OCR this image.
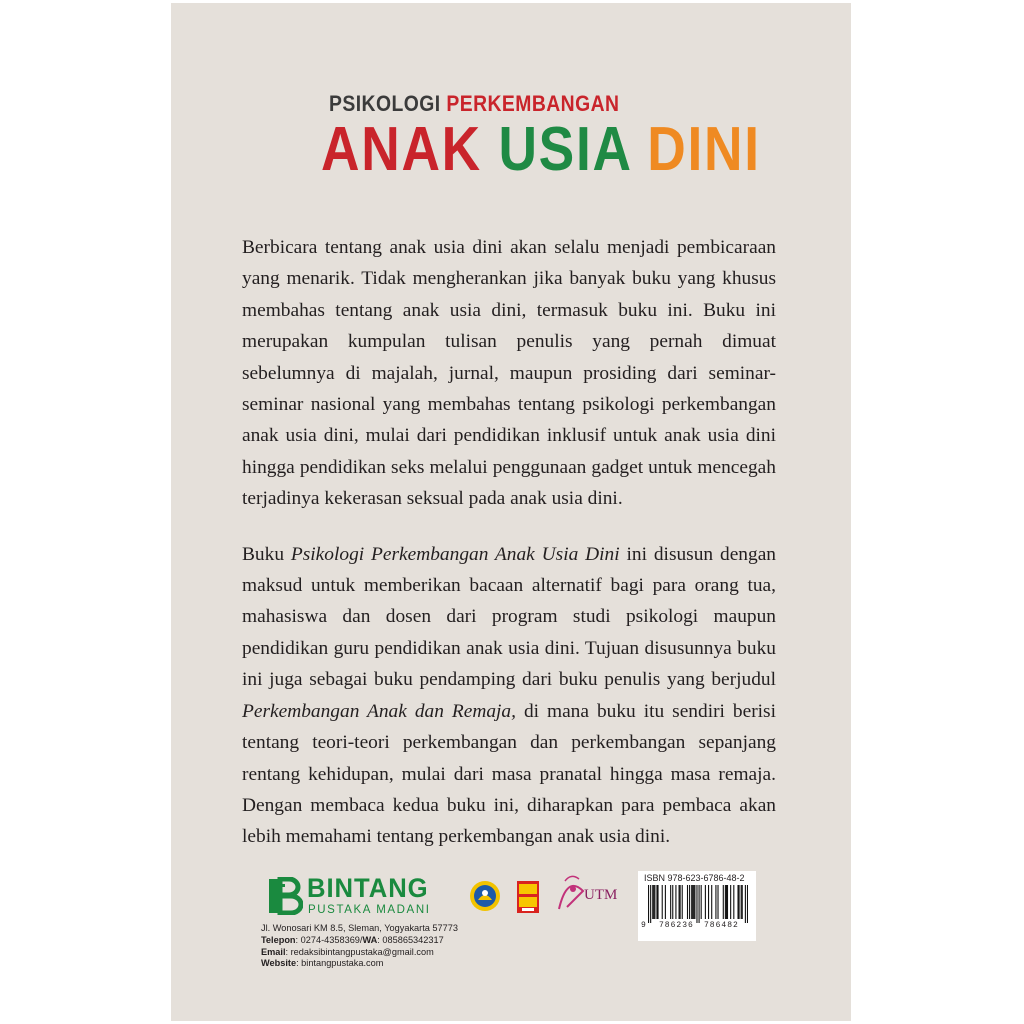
PSIKOLOGI PERKEMBANGAN
ANAK USIA DINI

Berbicara tentang anak usia dini akan selalu menjadi pembicaraan yang menarik. Tidak mengherankan jika banyak buku yang khusus membahas tentang anak usia dini, termasuk buku ini. Buku ini merupakan kumpulan tulisan penulis yang pernah dimuat sebelumnya di majalah, jurnal, maupun prosiding dari seminar-seminar nasional yang membahas tentang psikologi perkembangan anak usia dini, mulai dari pendidikan inklusif untuk anak usia dini hingga pendidikan seks melalui penggunaan gadget untuk mencegah terjadinya kekerasan seksual pada anak usia dini.

Buku Psikologi Perkembangan Anak Usia Dini ini disusun dengan maksud untuk memberikan bacaan alternatif bagi para orang tua, mahasiswa dan dosen dari program studi psikologi maupun pendidikan guru pendidikan anak usia dini. Tujuan disusunnya buku ini juga sebagai buku pendamping dari buku penulis yang berjudul Perkembangan Anak dan Remaja, di mana buku itu sendiri berisi tentang teori-teori perkembangan dan perkembangan sepanjang rentang kehidupan, mulai dari masa pranatal hingga masa remaja. Dengan membaca kedua buku ini, diharapkan para pembaca akan lebih memahami tentang perkembangan anak usia dini.

BINTANG
PUSTAKA MADANI
Jl. Wonosari KM 8.5, Sleman, Yogyakarta 57773
Telepon: 0274-4358369/WA: 085865342317
Email: redaksibintangpustaka@gmail.com
Website: bintangpustaka.com
UTM
ISBN 978-623-6786-48-2
9 786236 786482
